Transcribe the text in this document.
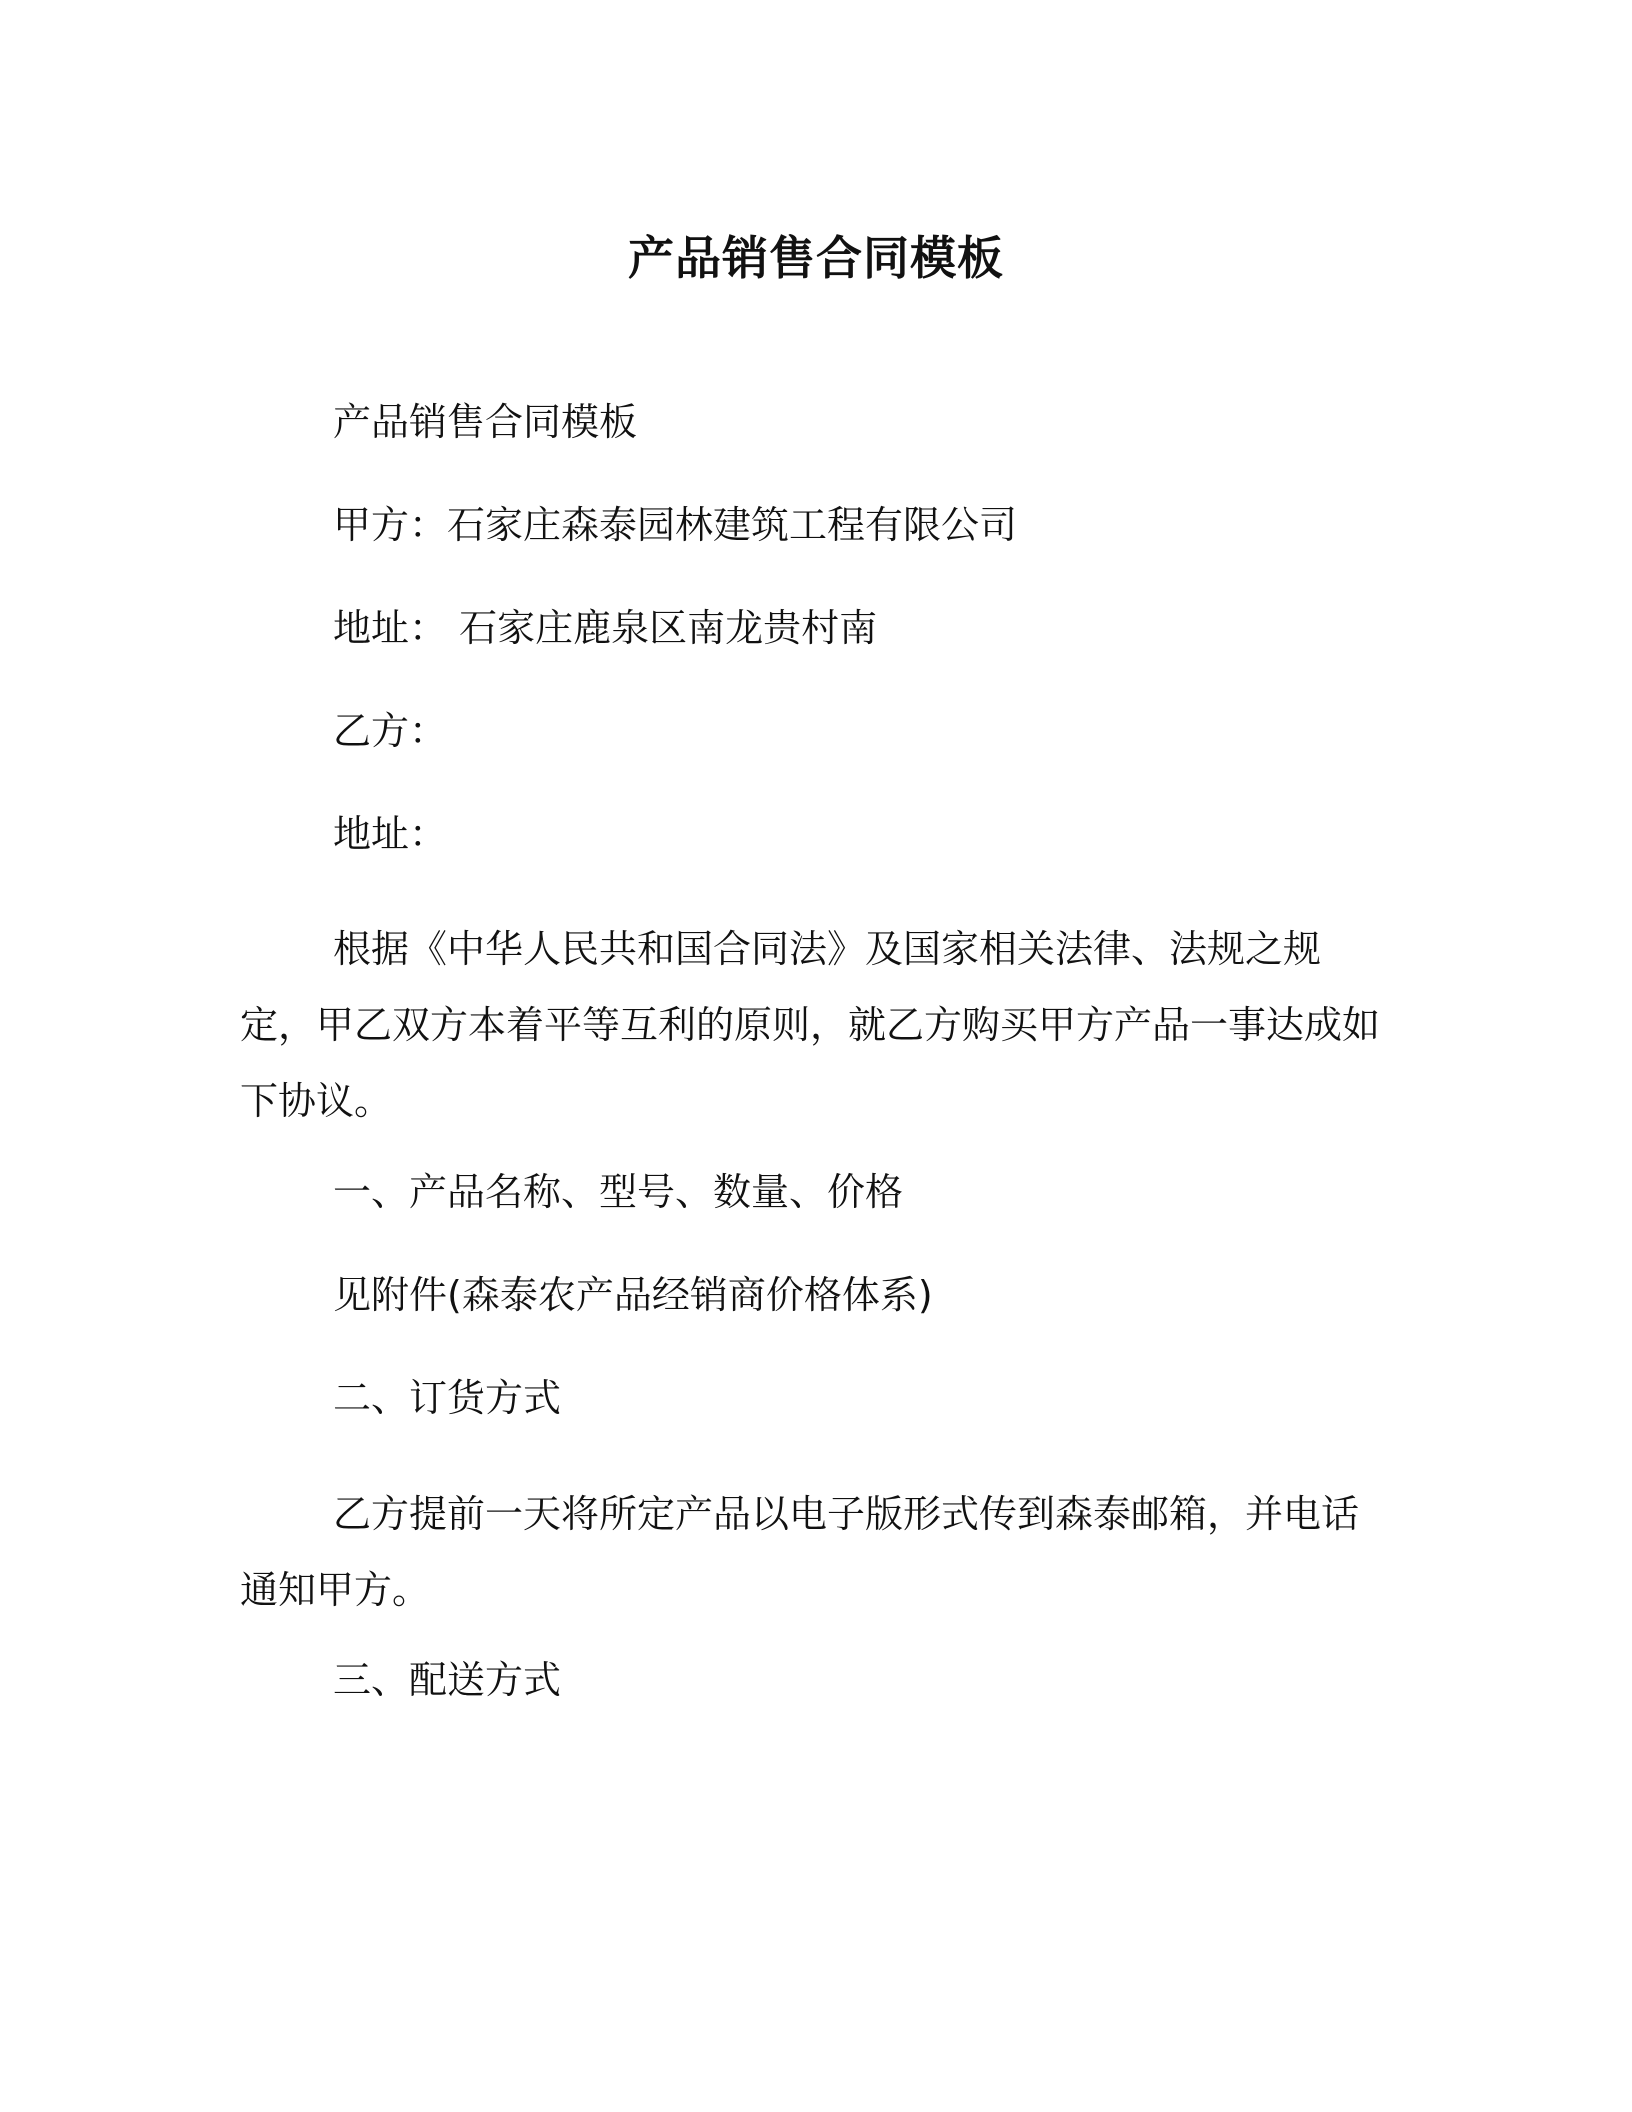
产品销售合同模板
产品销售合同模板
甲方：石家庄森泰园林建筑工程有限公司
地址： 石家庄鹿泉区南龙贵村南
乙方：
地址：
根据《中华人民共和国合同法》及国家相关法律、法规之规定，甲乙双方本着平等互利的原则，就乙方购买甲方产品一事达成如下协议。
一、产品名称、型号、数量、价格
见附件(森泰农产品经销商价格体系)
二、订货方式
乙方提前一天将所定产品以电子版形式传到森泰邮箱，并电话通知甲方。
三、配送方式
